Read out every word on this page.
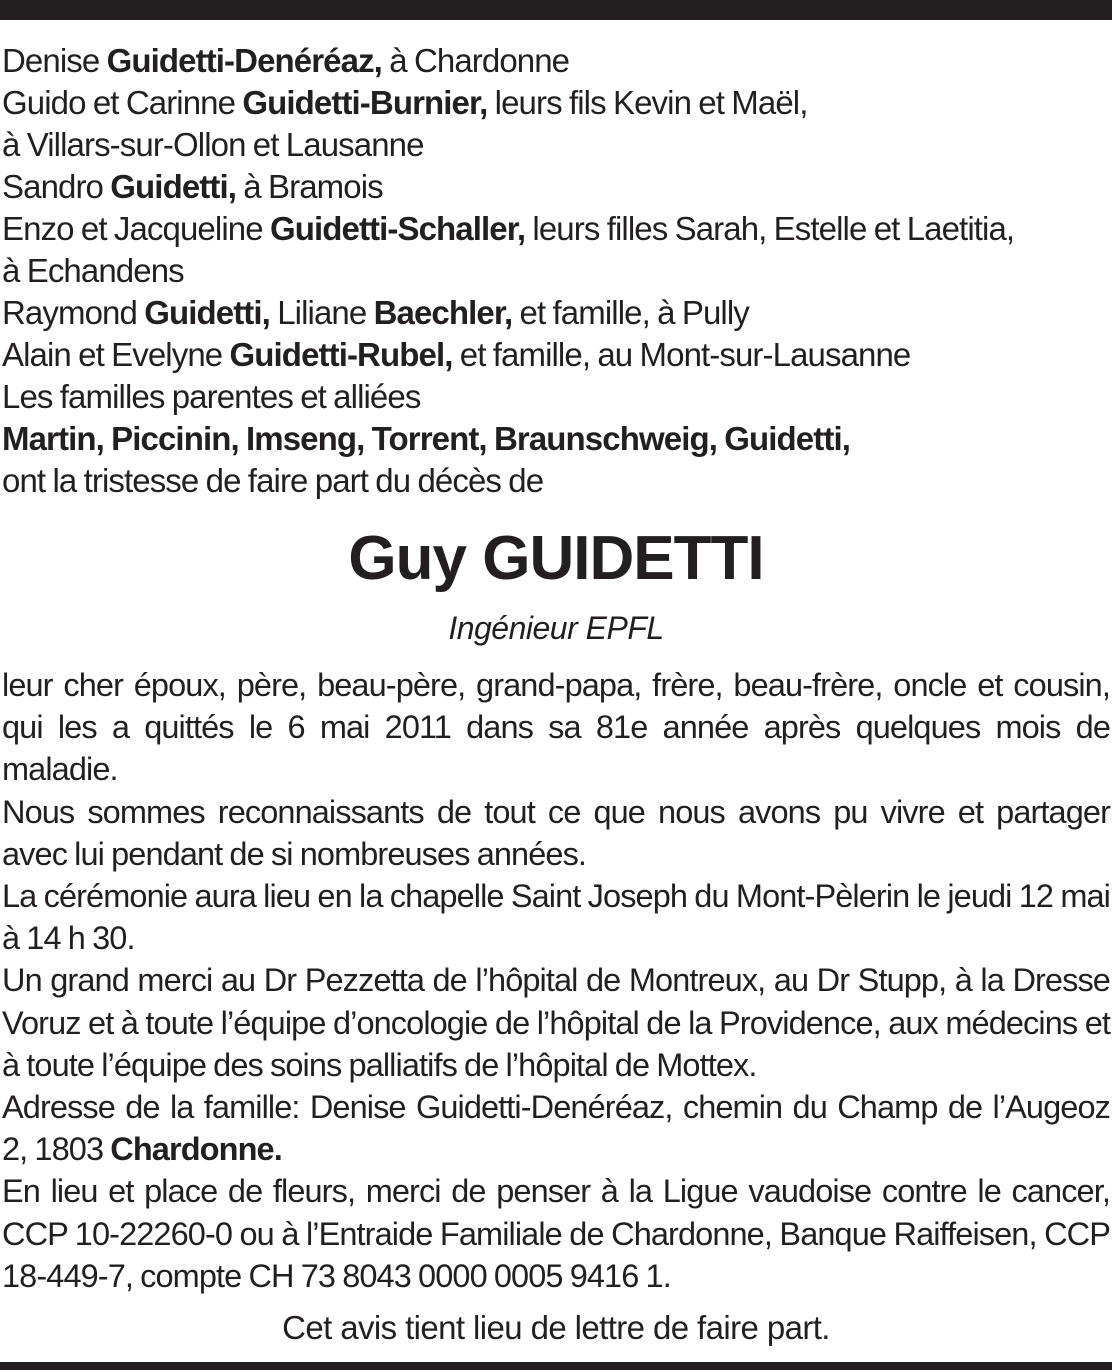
Denise Guidetti-Denéréaz, à Chardonne
Guido et Carinne Guidetti-Burnier, leurs fils Kevin et Maël,
à Villars-sur-Ollon et Lausanne
Sandro Guidetti, à Bramois
Enzo et Jacqueline Guidetti-Schaller, leurs filles Sarah, Estelle et Laetitia,
à Echandens
Raymond Guidetti, Liliane Baechler, et famille, à Pully
Alain et Evelyne Guidetti-Rubel, et famille, au Mont-sur-Lausanne
Les familles parentes et alliées
Martin, Piccinin, Imseng, Torrent, Braunschweig, Guidetti,
ont la tristesse de faire part du décès de
Guy GUIDETTI
Ingénieur EPFL

leur cher époux, père, beau-père, grand-papa, frère, beau-frère, oncle et cousin, qui les a quittés le 6 mai 2011 dans sa 81e année après quelques mois de maladie.

Nous sommes reconnaissants de tout ce que nous avons pu vivre et partager avec lui pendant de si nombreuses années.

La cérémonie aura lieu en la chapelle Saint Joseph du Mont-Pèlerin le jeudi 12 mai à 14 h 30.

Un grand merci au Dr Pezzetta de l’hôpital de Montreux, au Dr Stupp, à la Dresse Voruz et à toute l’équipe d’oncologie de l’hôpital de la Providence, aux médecins et à toute l’équipe des soins palliatifs de l’hôpital de Mottex.

Adresse de la famille: Denise Guidetti-Denéréaz, chemin du Champ de l’Augeoz 2, 1803 Chardonne.

En lieu et place de fleurs, merci de penser à la Ligue vaudoise contre le cancer, CCP 10-22260-0 ou à l’Entraide Familiale de Chardonne, Banque Raiffeisen, CCP 18-449-7, compte CH 73 8043 0000 0005 9416 1.

Cet avis tient lieu de lettre de faire part.
